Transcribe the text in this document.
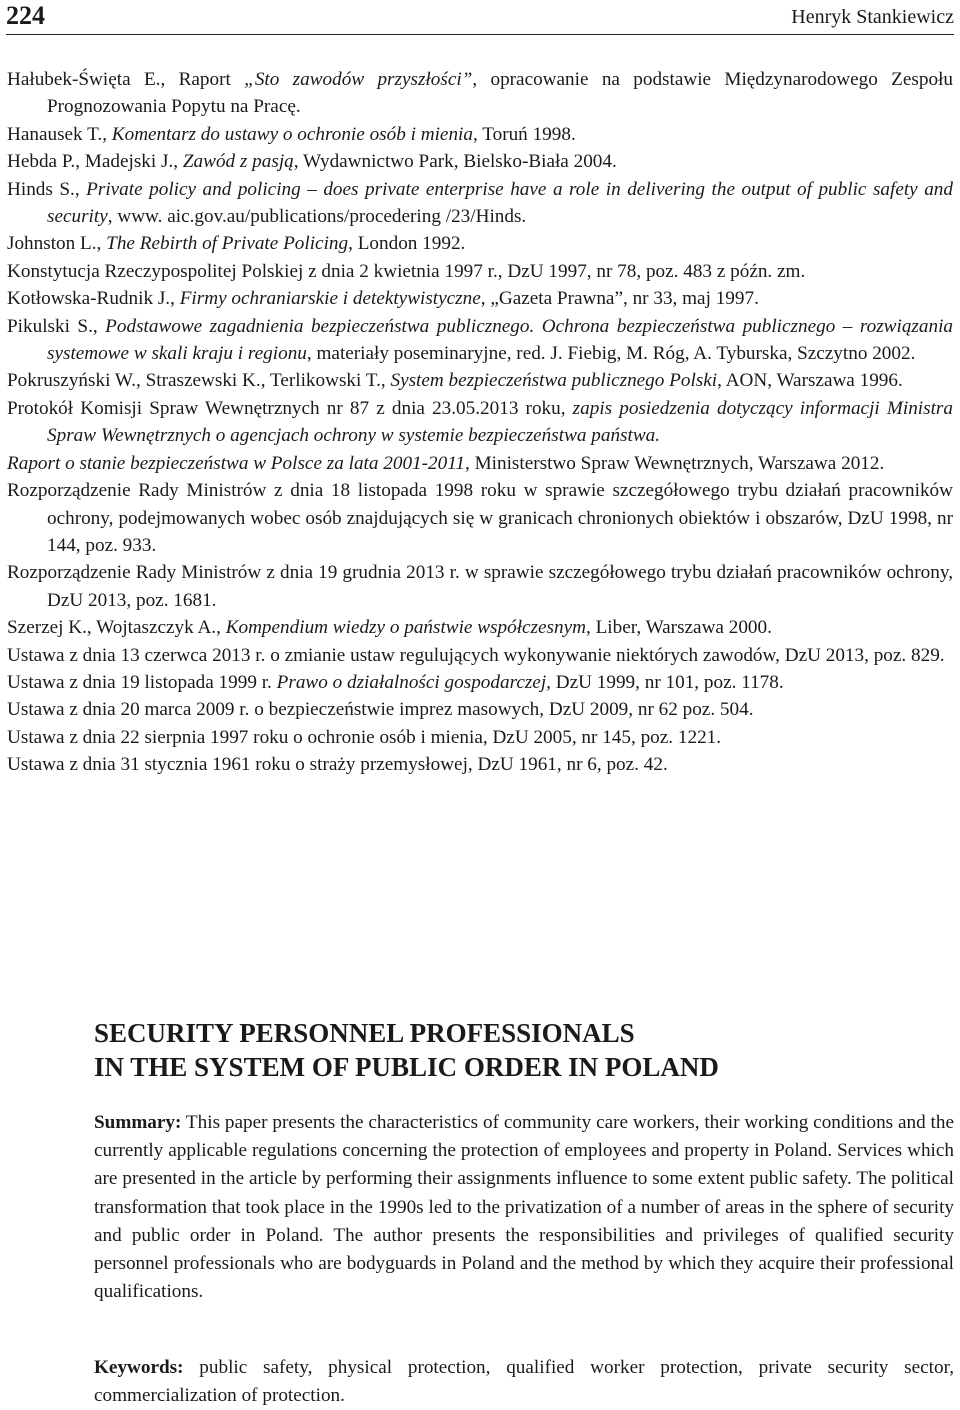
224	Henryk Stankiewicz
Hałubek-Święta E., Raport „Sto zawodów przyszłości”, opracowanie na podstawie Międzynarodowego Zespołu Prognozowania Popytu na Pracę.
Hanausek T., Komentarz do ustawy o ochronie osób i mienia, Toruń 1998.
Hebda P., Madejski J., Zawód z pasją, Wydawnictwo Park, Bielsko-Biała 2004.
Hinds S., Private policy and policing – does private enterprise have a role in delivering the output of public safety and security, www. aic.gov.au/publications/procedering /23/Hinds.
Johnston L., The Rebirth of Private Policing, London 1992.
Konstytucja Rzeczypospolitej Polskiej z dnia 2 kwietnia 1997 r., DzU 1997, nr 78, poz. 483 z późn. zm.
Kotłowska-Rudnik J., Firmy ochraniarskie i detektywistyczne, „Gazeta Prawna”, nr 33, maj 1997.
Pikulski S., Podstawowe zagadnienia bezpieczeństwa publicznego. Ochrona bezpieczeństwa publicznego – rozwiązania systemowe w skali kraju i regionu, materiały poseminaryjne, red. J. Fiebig, M. Róg, A. Tyburska, Szczytno 2002.
Pokruszyński W., Straszewski K., Terlikowski T., System bezpieczeństwa publicznego Polski, AON, Warszawa 1996.
Protokół Komisji Spraw Wewnętrznych nr 87 z dnia 23.05.2013 roku, zapis posiedzenia dotyczący informacji Ministra Spraw Wewnętrznych o agencjach ochrony w systemie bezpieczeństwa państwa.
Raport o stanie bezpieczeństwa w Polsce za lata 2001-2011, Ministerstwo Spraw Wewnętrznych, Warszawa 2012.
Rozporządzenie Rady Ministrów z dnia 18 listopada 1998 roku w sprawie szczegółowego trybu działań pracowników ochrony, podejmowanych wobec osób znajdujących się w granicach chronionych obiektów i obszarów, DzU 1998, nr 144, poz. 933.
Rozporządzenie Rady Ministrów z dnia 19 grudnia 2013 r. w sprawie szczegółowego trybu działań pracowników ochrony, DzU 2013, poz. 1681.
Szerzej K., Wojtaszczyk A., Kompendium wiedzy o państwie współczesnym, Liber, Warszawa 2000.
Ustawa z dnia 13 czerwca 2013 r. o zmianie ustaw regulujących wykonywanie niektórych zawodów, DzU 2013, poz. 829.
Ustawa z dnia 19 listopada 1999 r. Prawo o działalności gospodarczej, DzU 1999, nr 101, poz. 1178.
Ustawa z dnia 20 marca 2009 r. o bezpieczeństwie imprez masowych, DzU 2009, nr 62 poz. 504.
Ustawa z dnia 22 sierpnia 1997 roku o ochronie osób i mienia, DzU 2005, nr 145, poz. 1221.
Ustawa z dnia 31 stycznia 1961 roku o straży przemysłowej, DzU 1961, nr 6, poz. 42.
SECURITY PERSONNEL PROFESSIONALS
IN THE SYSTEM OF PUBLIC ORDER IN POLAND

Summary: This paper presents the characteristics of community care workers, their working conditions and the currently applicable regulations concerning the protection of employees and property in Poland. Services which are presented in the article by performing their assignments influence to some extent public safety. The political transformation that took place in the 1990s led to the privatization of a number of areas in the sphere of security and public order in Poland. The author presents the responsibilities and privileges of qualified security personnel professionals who are bodyguards in Poland and the method by which they acquire their professional qualifications.

Keywords: public safety, physical protection, qualified worker protection, private security sector, commercialization of protection.
